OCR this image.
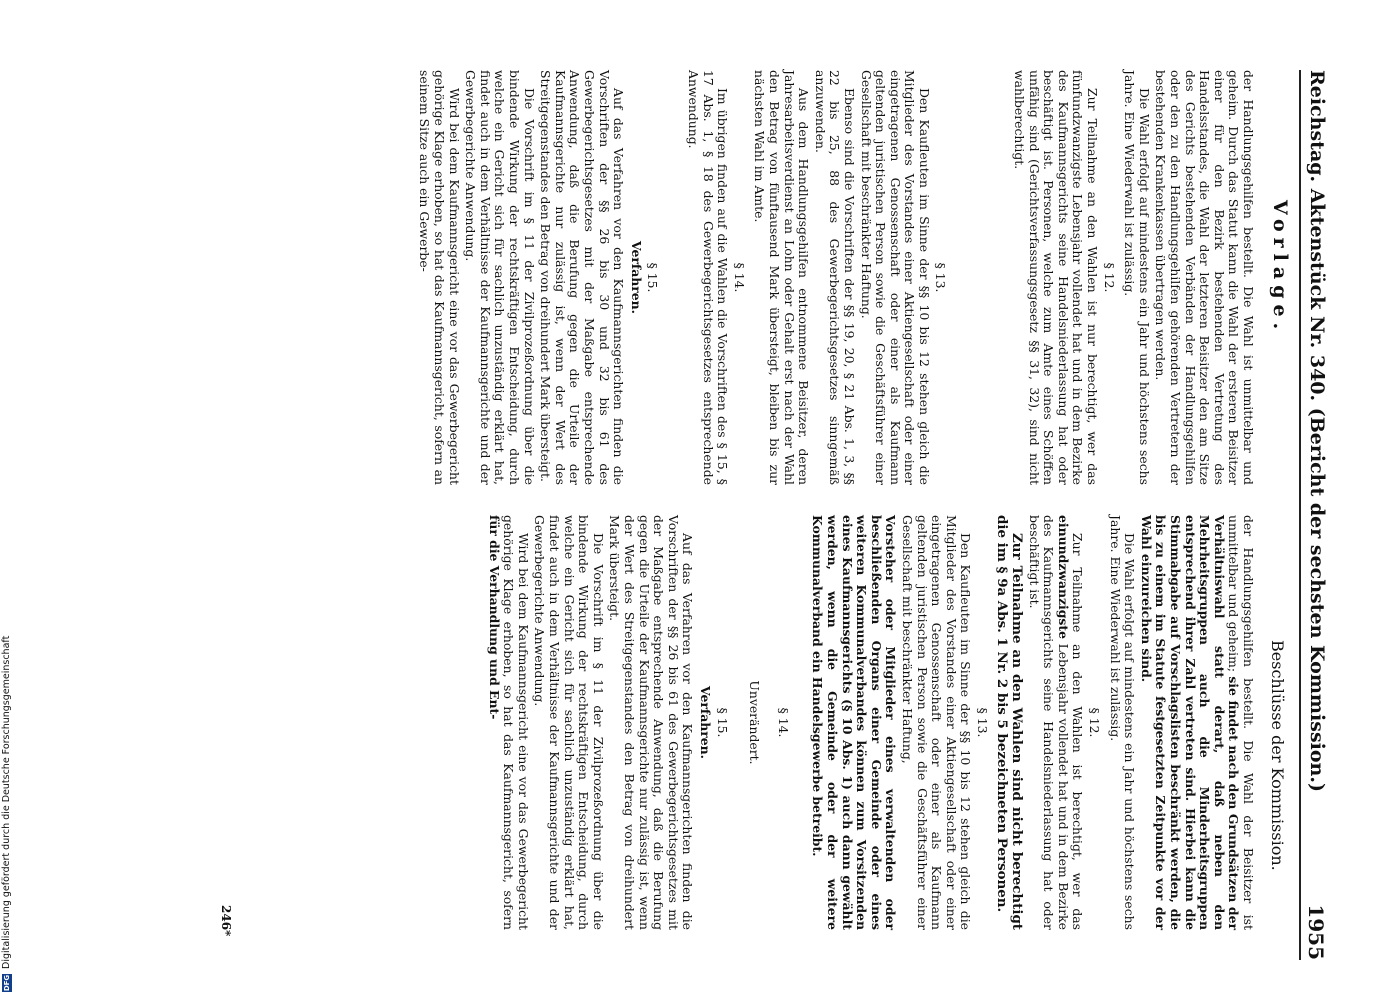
Reichstag. Aktenstück Nr. 340. (Bericht der sechsten Kommission.)
1955
Vorlage.
Beschlüsse der Kommission.

der Handlungsgehilfen bestellt. Die Wahl ist unmittelbar und geheim. Durch das Statut kann die Wahl der ersteren Beisitzer einer für den Bezirk bestehenden Vertretung des Handelsstandes, die Wahl der letzteren Beisitzer den am Sitze des Gerichts bestehenden Verbänden der Handlungsgehilfen oder den zu den Handlungsgehilfen gehörenden Vertretern der bestehenden Krankenkassen übertragen werden.

Die Wahl erfolgt auf mindestens ein Jahr und höchstens sechs Jahre. Eine Wiederwahl ist zulässig.

§ 12.

Zur Teilnahme an den Wahlen ist nur berechtigt, wer das fünfundzwanzigste Lebensjahr vollendet hat und in dem Bezirke des Kaufmannsgerichts seine Handelsniederlassung hat oder beschäftigt ist. Personen, welche zum Amte eines Schöffen unfähig sind (Gerichtsverfassungsgesetz §§ 31, 32), sind nicht wahlberechtigt.

§ 13.

Den Kaufleuten im Sinne der §§ 10 bis 12 stehen gleich die Mitglieder des Vorstandes einer Aktiengesellschaft oder einer eingetragenen Genossenschaft oder einer als Kaufmann geltenden juristischen Person sowie die Geschäftsführer einer Gesellschaft mit beschränkter Haftung.

Ebenso sind die Vorschriften der §§ 19, 20, § 21 Abs. 1, 3, §§ 22 bis 25, 88 des Gewerbegerichtsgesetzes sinngemäß anzuwenden.

Aus dem Handlungsgehilfen entnommene Beisitzer, deren Jahresarbeitsverdienst an Lohn oder Gehalt erst nach der Wahl den Betrag von fünftausend Mark übersteigt, bleiben bis zur nächsten Wahl im Amte.

§ 14.

Im übrigen finden auf die Wahlen die Vorschriften des § 15, § 17 Abs. 1, § 18 des Gewerbegerichtsgesetzes entsprechende Anwendung.

§ 15.
Verfahren.

Auf das Verfahren vor den Kaufmannsgerichten finden die Vorschriften der §§ 26 bis 30 und 32 bis 61 des Gewerbegerichtsgesetzes mit der Maßgabe entsprechende Anwendung, daß die Berufung gegen die Urteile der Kaufmannsgerichte nur zulässig ist, wenn der Wert des Streitgegenstandes den Betrag von dreihundert Mark übersteigt.

Die Vorschrift im § 11 der Zivilprozeßordnung über die bindende Wirkung der rechtskräftigen Entscheidung, durch welche ein Gericht sich für sachlich unzuständig erklärt hat, findet auch in dem Verhältnisse der Kaufmannsgerichte und der Gewerbegerichte Anwendung.

Wird bei dem Kaufmannsgericht eine vor das Gewerbegericht gehörige Klage erhoben, so hat das Kaufmannsgericht, sofern an seinem Sitze auch ein Gewerbe-

der Handlungsgehilfen bestellt. Die Wahl der Beisitzer ist unmittelbar und geheim; sie findet nach den Grundsätzen der Verhältniswahl statt derart, daß neben den Mehrheitsgruppen auch die Minderheitsgruppen entsprechend ihrer Zahl vertreten sind. Hierbei kann die Stimmabgabe auf Vorschlagslisten beschränkt werden, die bis zu einem im Statute festgesetzten Zeitpunkte vor der Wahl einzureichen sind.

Die Wahl erfolgt auf mindestens ein Jahr und höchstens sechs Jahre. Eine Wiederwahl ist zulässig.

§ 12.

Zur Teilnahme an den Wahlen ist berechtigt, wer das einundzwanzigste Lebensjahr vollendet hat und in dem Bezirke des Kaufmannsgerichts seine Handelsniederlassung hat oder beschäftigt ist.

Zur Teilnahme an den Wahlen sind nicht berechtigt die im § 9a Abs. 1 Nr. 2 bis 5 bezeichneten Personen.

§ 13.

Den Kaufleuten im Sinne der §§ 10 bis 12 stehen gleich die Mitglieder des Vorstandes einer Aktiengesellschaft oder einer eingetragenen Genossenschaft oder einer als Kaufmann geltenden juristischen Person sowie die Geschäftsführer einer Gesellschaft mit beschränkter Haftung,

Vorsteher oder Mitglieder eines verwaltenden oder beschließenden Organs einer Gemeinde oder eines weiteren Kommunalverbandes können zum Vorsitzenden eines Kaufmannsgerichts (§ 10 Abs. 1) auch dann gewählt werden, wenn die Gemeinde oder der weitere Kommunalverband ein Handelsgewerbe betreibt.

§ 14.
Unverändert.
§ 15.
Verfahren.

Auf das Verfahren vor den Kaufmannsgerichten finden die Vorschriften der §§ 26 bis 61 des Gewerbegerichtsgesetzes mit der Maßgabe entsprechende Anwendung, daß die Berufung gegen die Urteile der Kaufmannsgerichte nur zulässig ist, wenn der Wert des Streitgegenstandes den Betrag von dreihundert Mark übersteigt.

Die Vorschrift im § 11 der Zivilprozeßordnung über die bindende Wirkung der rechtskräftigen Entscheidung, durch welche ein Gericht sich für sachlich unzuständig erklärt hat, findet auch in dem Verhältnisse der Kaufmannsgerichte und der Gewerbegerichte Anwendung.

Wird bei dem Kaufmannsgericht eine vor das Gewerbegericht gehörige Klage erhoben, so hat das Kaufmannsgericht, sofern für die Verhandlung und Ent-

246*
DFGDigitalisierung gefördert durch die Deutsche Forschungsgemeinschaft
